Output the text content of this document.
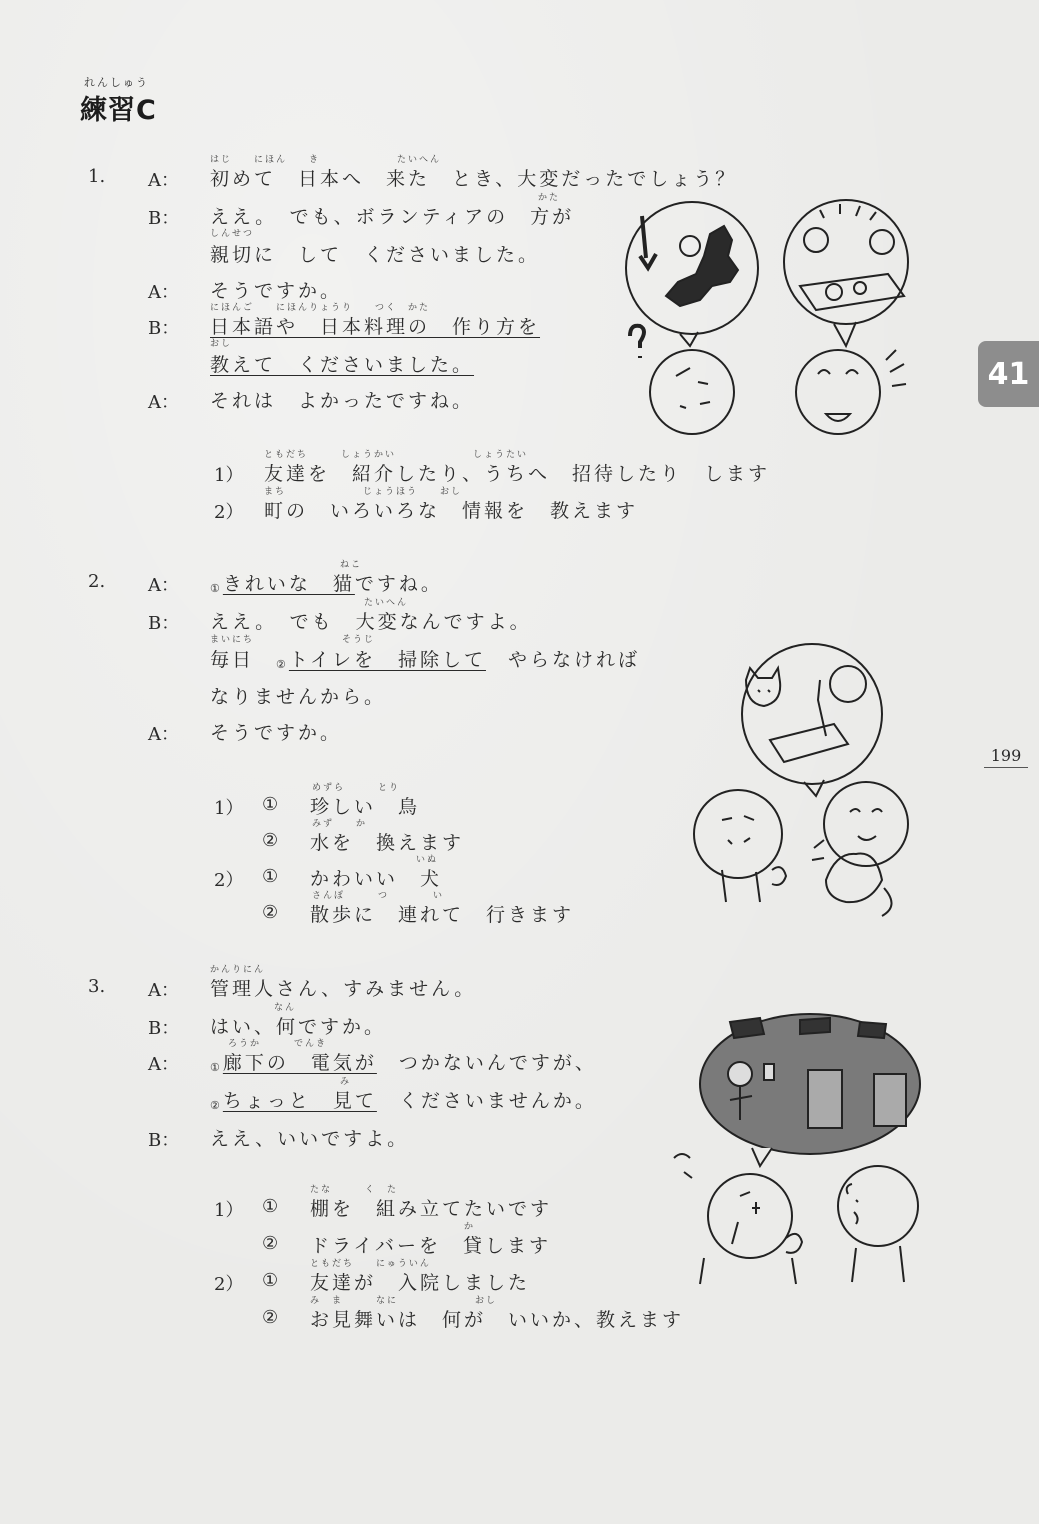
れんしゅう
練習C
41
199
1.
はじ　　にほん　　き　　　　　　　たいへん
A： 初めて　日本へ　来た　とき、大変だったでしょう？
かた
B： ええ。　でも、ボランティアの　方が
しんせつ
親切に　して　くださいました。
A： そうですか。
にほんご　　にほんりょうり　　つく　かた
B： 日本語や　日本料理の　作り方を
おし
教えて　くださいました。
A： それは　よかったですね。
ともだち　　　しょうかい　　　　　　　しょうたい
1） 友達を　紹介したり、うちへ　招待したり　します
まち　　　　　　　じょうほう　　おし
2） 町の　いろいろな　情報を　教えます
2.
ねこ
A：	①きれいな　猫ですね。
たいへん
B： ええ。　でも　大変なんですよ。
まいにち　　　　　　　　そうじ
毎日　 ②トイレを　掃除して　 やらなければ
なりませんから。
A： そうですか。
1） ①
めずら　　　とり
珍しい　鳥
②
みず　　か
水を　換えます
2） ①
いぬ
かわいい　犬
②
さんぽ　　　つ　　　　い
散歩に　連れて　行きます
3.
かんりにん
A： 管理人さん、すみません。
なん
B： はい、何ですか。
ろうか　　　でんき
A：	①廊下の　電気が　 つかないんですが、
み
②ちょっと　見て　 くださいませんか。
B： ええ、いいですよ。
1） ①
たな　　　く　た
棚を　組み立てたいです
②
か
ドライバーを　貸します
2） ①
ともだち　　にゅういん
友達が　入院しました
②
み　ま　　　なに　　　　　　　おし
お見舞いは　何が　いいか、教えます
